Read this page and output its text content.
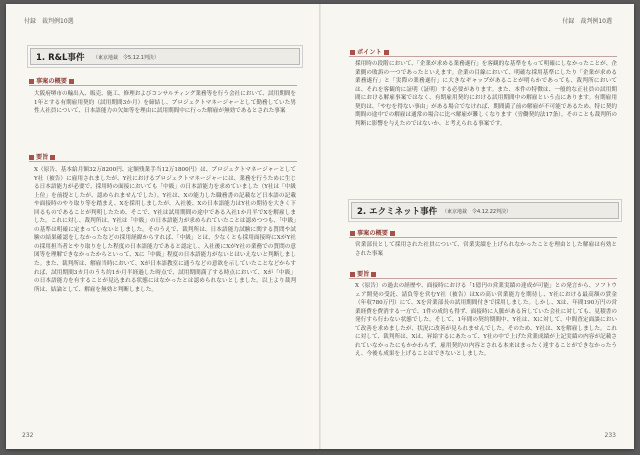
付録　裁判例10選
1. R&L事件 （東京地裁　令5.12.1判決）
事案の概要

大阪府堺市の輸出入、販売、施工、修理およびコンサルティング業務等を行う会社において、試用期間を1年とする有期雇用契約（試用期間3か月）を締結し、プロジェクトマネージャーとして勤務していた男性人社員について、日本語能力の欠如等を理由に試用期間中に行った解雇が無効であるとされた事案

要旨

X（原告、基本給月額32万8200円、定額残業手当12万1800円）は、プロジェクトマネージャーとしてY社（被告）に雇用されましたが、Y社におけるプロジェクトマネージャーには、業務を行うために生じる日本語能力が必要で、採用時の面接においても「中級」の日本語能力を求めていました（Y社は「中級上位」を前提としたが、認められませんでした）。Y社は、Xの能力した職務書の記載など日本語の記載や面接時のやり取り等を踏まえ、Xを採用しましたが、入社後、Xの日本語能力はY社の期待を大きく下回るものであることが判明したため、そこで、Y社は試用期間の途中である入社1か月半でXを解雇しました。これに対し、裁判所は、Y社は「中級」の日本語能力が求められていたことは認めつつも、「中級」の基準は明確に定まっていないとしました。そのうえで、裁判所は、日本語能力試験に関する質問や試験の結果確認をしなかったなどの採用経緯からすれば、「中級」とは、少なくとも採用面接時にXがY社の採用担当者とやり取りをした程度の日本語能力であると認定し、入社後にXがY社の業務での質問の意図等を理解できなかったからといって、Xに「中級」程度の日本語能力がないとはいえないと判断しました。また、裁判所は、解雇当時において、Xが日本語教室に通うなどの意欲を示していたことなどからすれば、試用期間3カ月のうち約1か月半経過した時点で、試用期間満了する時点において、Xが「中級」の日本語能力を有することが見込まれる状態にはなかったとは認められないとしました。以上より裁判所は、結論として、解雇を無効と判断しました。

232
付録　裁判例10選
ポイント

採用時の段階において、「企業が求める業務遂行」を客観的な基準をもって明確にしなかったことが、企業側の敗訴の一つであったといえます。企業の目線において、明確な採用基準にしたり「企業が求める業務遂行」と「実際の業務遂行」に大きなギャップがあることが明らかであっても、裁判所においては、それを客観的に証明（証明）する必要があります。また、本件の特徴は、一般的な正社員の試用期間における解雇事案ではなく、有期雇用契約における試用期間中の解雇という点にあります。有期雇用契約は、「やむを得ない事由」がある場合でなければ、期間満了前の解雇が不可能であるため、特に契約期間の途中での解雇は通常の場合に比べ解雇が難しくなります（労働契約法17条）。そのことも裁判所の判断に影響を与えたのではないか、と考えられる事案です。

2. エクミネット事件 （東京地裁　令4.12.22判決）
事案の概要

営業部長として採用された社員について、営業実績を上げられなかったことを理由とした解雇は有効とされた事案

要旨

X（原告）の過去の経歴や、面接時における「1億円の営業実績の達成が可能」との発言から、ソフトウェア開発の受託、請負等を営むY社（被告）はXの高い営業能力を期待し、Y社における最高額の賃金（年収780万円）にて、Xを営業部長の試用期間付きで採用しました。しかし、Xは、年間190万円の営業経費を費消する一方で、1件の成約も得ず、面接時に人脈がある旨していた会社に対しても、見積書の発行すら行わない状態でした。そして、1年間の契約期間中、Y社は、Xに対して、中間査定面談において改善を求めましたが、状況に改善が見られませんでした。そのため、Y社は、Xを解雇しました。これに対して、裁判所は、Xは、昇給するにあたって、Y社の中で上げた営業成績が上記実績の内容が記載されていなかったにもかかわらず、雇用契約の内容とされる本来はまったく達することができなかったうえ、今後も成果を上げることはできないとしました。

233
